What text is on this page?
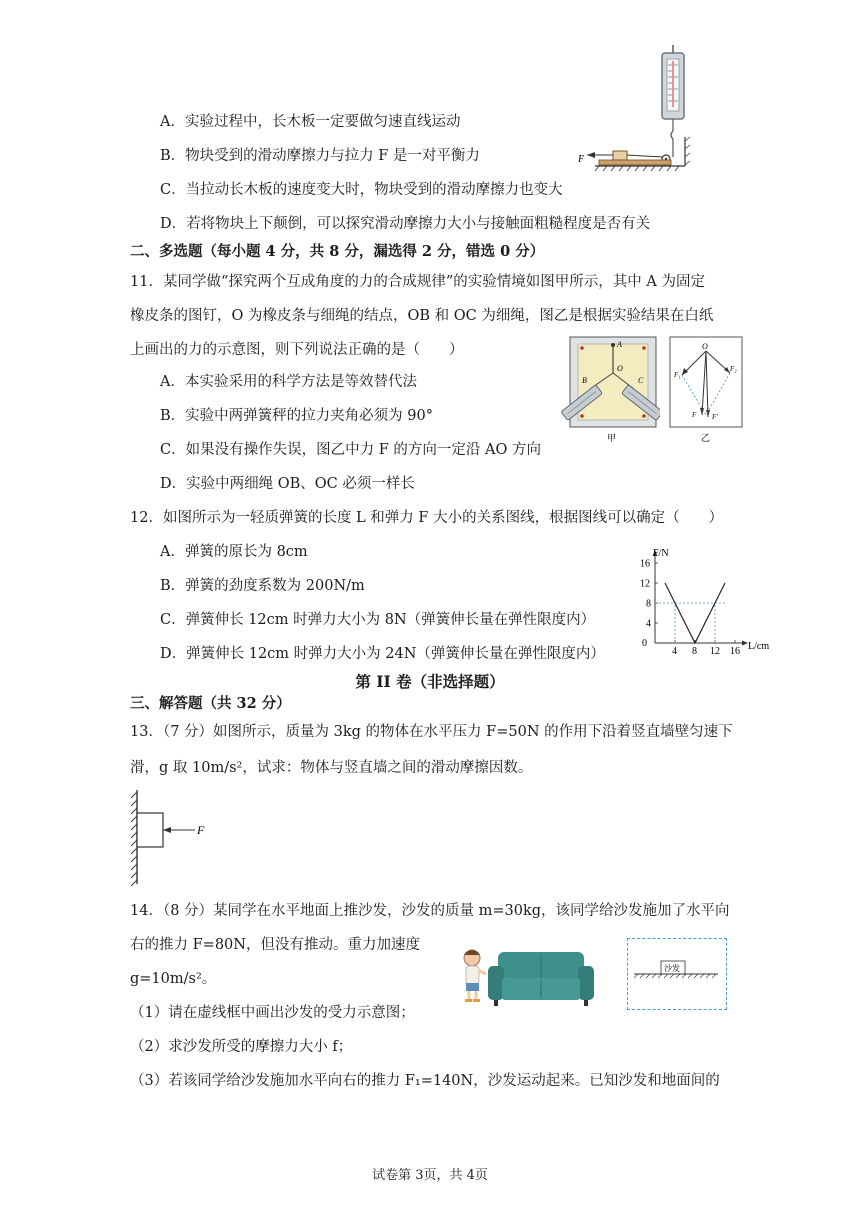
A．实验过程中，长木板一定要做匀速直线运动
B．物块受到的滑动摩擦力与拉力 F 是一对平衡力
C．当拉动长木板的速度变大时，物块受到的滑动摩擦力也变大
D．若将物块上下颠倒，可以探究滑动摩擦力大小与接触面粗糙程度是否有关
F
二、多选题（每小题 4 分，共 8 分，漏选得 2 分，错选 0 分）
11．某同学做“探究两个互成角度的力的合成规律”的实验情境如图甲所示，其中 A 为固定
橡皮条的图钉，O 为橡皮条与细绳的结点，OB 和 OC 为细绳，图乙是根据实验结果在白纸
上画出的力的示意图，则下列说法正确的是（　　）
A．本实验采用的科学方法是等效替代法
B．实验中两弹簧秤的拉力夹角必须为 90°
C．如果没有操作失误，图乙中力 F 的方向一定沿 AO 方向
D．实验中两细绳 OB、OC 必须一样长
A
O
B	C
甲
O
F₁
F₂
F F′
乙
12．如图所示为一轻质弹簧的长度 L 和弹力 F 大小的关系图线，根据图线可以确定（　　）
A．弹簧的原长为 8cm
B．弹簧的劲度系数为 200N/m
C．弹簧伸长 12cm 时弹力大小为 8N（弹簧伸长量在弹性限度内）
D．弹簧伸长 12cm 时弹力大小为 24N（弹簧伸长量在弹性限度内）
F/N
L/cm
0
4 8 12 16
4
8
12
16
第 II 卷（非选择题）
三、解答题（共 32 分）
13．（7 分）如图所示，质量为 3kg 的物体在水平压力 F=50N 的作用下沿着竖直墙壁匀速下
滑，g 取 10m/s²，试求：物体与竖直墙之间的滑动摩擦因数。
F
14．（8 分）某同学在水平地面上推沙发，沙发的质量 m=30kg，该同学给沙发施加了水平向
右的推力 F=80N，但没有推动。重力加速度
g=10m/s²。
（1）请在虚线框中画出沙发的受力示意图；
（2）求沙发所受的摩擦力大小 f；
（3）若该同学给沙发施加水平向右的推力 F₁=140N，沙发运动起来。已知沙发和地面间的
沙发
试卷第 3页，共 4页
